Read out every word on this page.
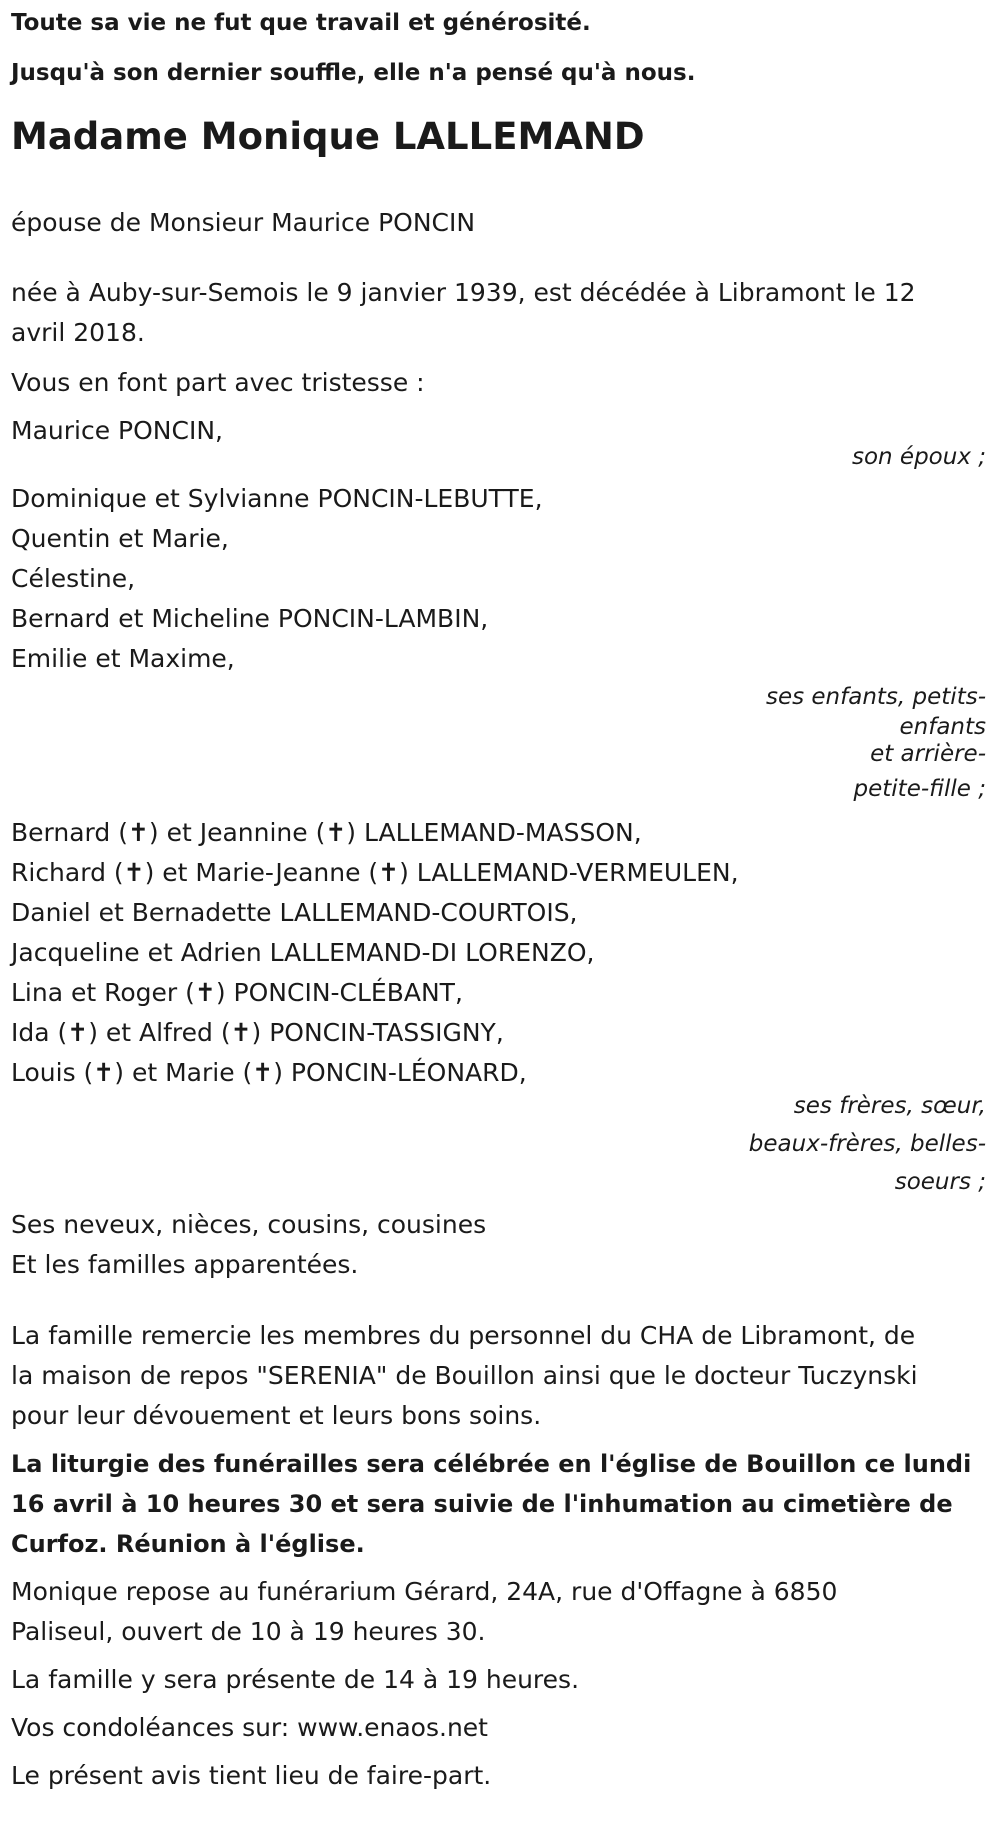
Toute sa vie ne fut que travail et générosité.

Jusqu'à son dernier souffle, elle n'a pensé qu'à nous.

Madame Monique LALLEMAND

épouse de Monsieur Maurice PONCIN

née à Auby-sur-Semois le 9 janvier 1939, est décédée à Libramont le 12

avril 2018.

Vous en font part avec tristesse :

Maurice PONCIN,

son époux ;

Dominique et Sylvianne PONCIN-LEBUTTE,

Quentin et Marie,

Célestine,

Bernard et Micheline PONCIN-LAMBIN,

Emilie et Maxime,

ses enfants, petits-

enfants

et arrière-

petite-fille ;

Bernard (✝) et Jeannine (✝) LALLEMAND-MASSON,

Richard (✝) et Marie-Jeanne (✝) LALLEMAND-VERMEULEN,

Daniel et Bernadette LALLEMAND-COURTOIS,

Jacqueline et Adrien LALLEMAND-DI LORENZO,

Lina et Roger (✝) PONCIN-CLÉBANT,

Ida (✝) et Alfred (✝) PONCIN-TASSIGNY,

Louis (✝) et Marie (✝) PONCIN-LÉONARD,

ses frères, sœur,

beaux-frères, belles-

soeurs ;

Ses neveux, nièces, cousins, cousines

Et les familles apparentées.

La famille remercie les membres du personnel du CHA de Libramont, de

la maison de repos "SERENIA" de Bouillon ainsi que le docteur Tuczynski

pour leur dévouement et leurs bons soins.

La liturgie des funérailles sera célébrée en l'église de Bouillon ce lundi

16 avril à 10 heures 30 et sera suivie de l'inhumation au cimetière de

Curfoz. Réunion à l'église.

Monique repose au funérarium Gérard, 24A, rue d'Offagne à 6850

Paliseul, ouvert de 10 à 19 heures 30.

La famille y sera présente de 14 à 19 heures.

Vos condoléances sur: www.enaos.net

Le présent avis tient lieu de faire-part.
